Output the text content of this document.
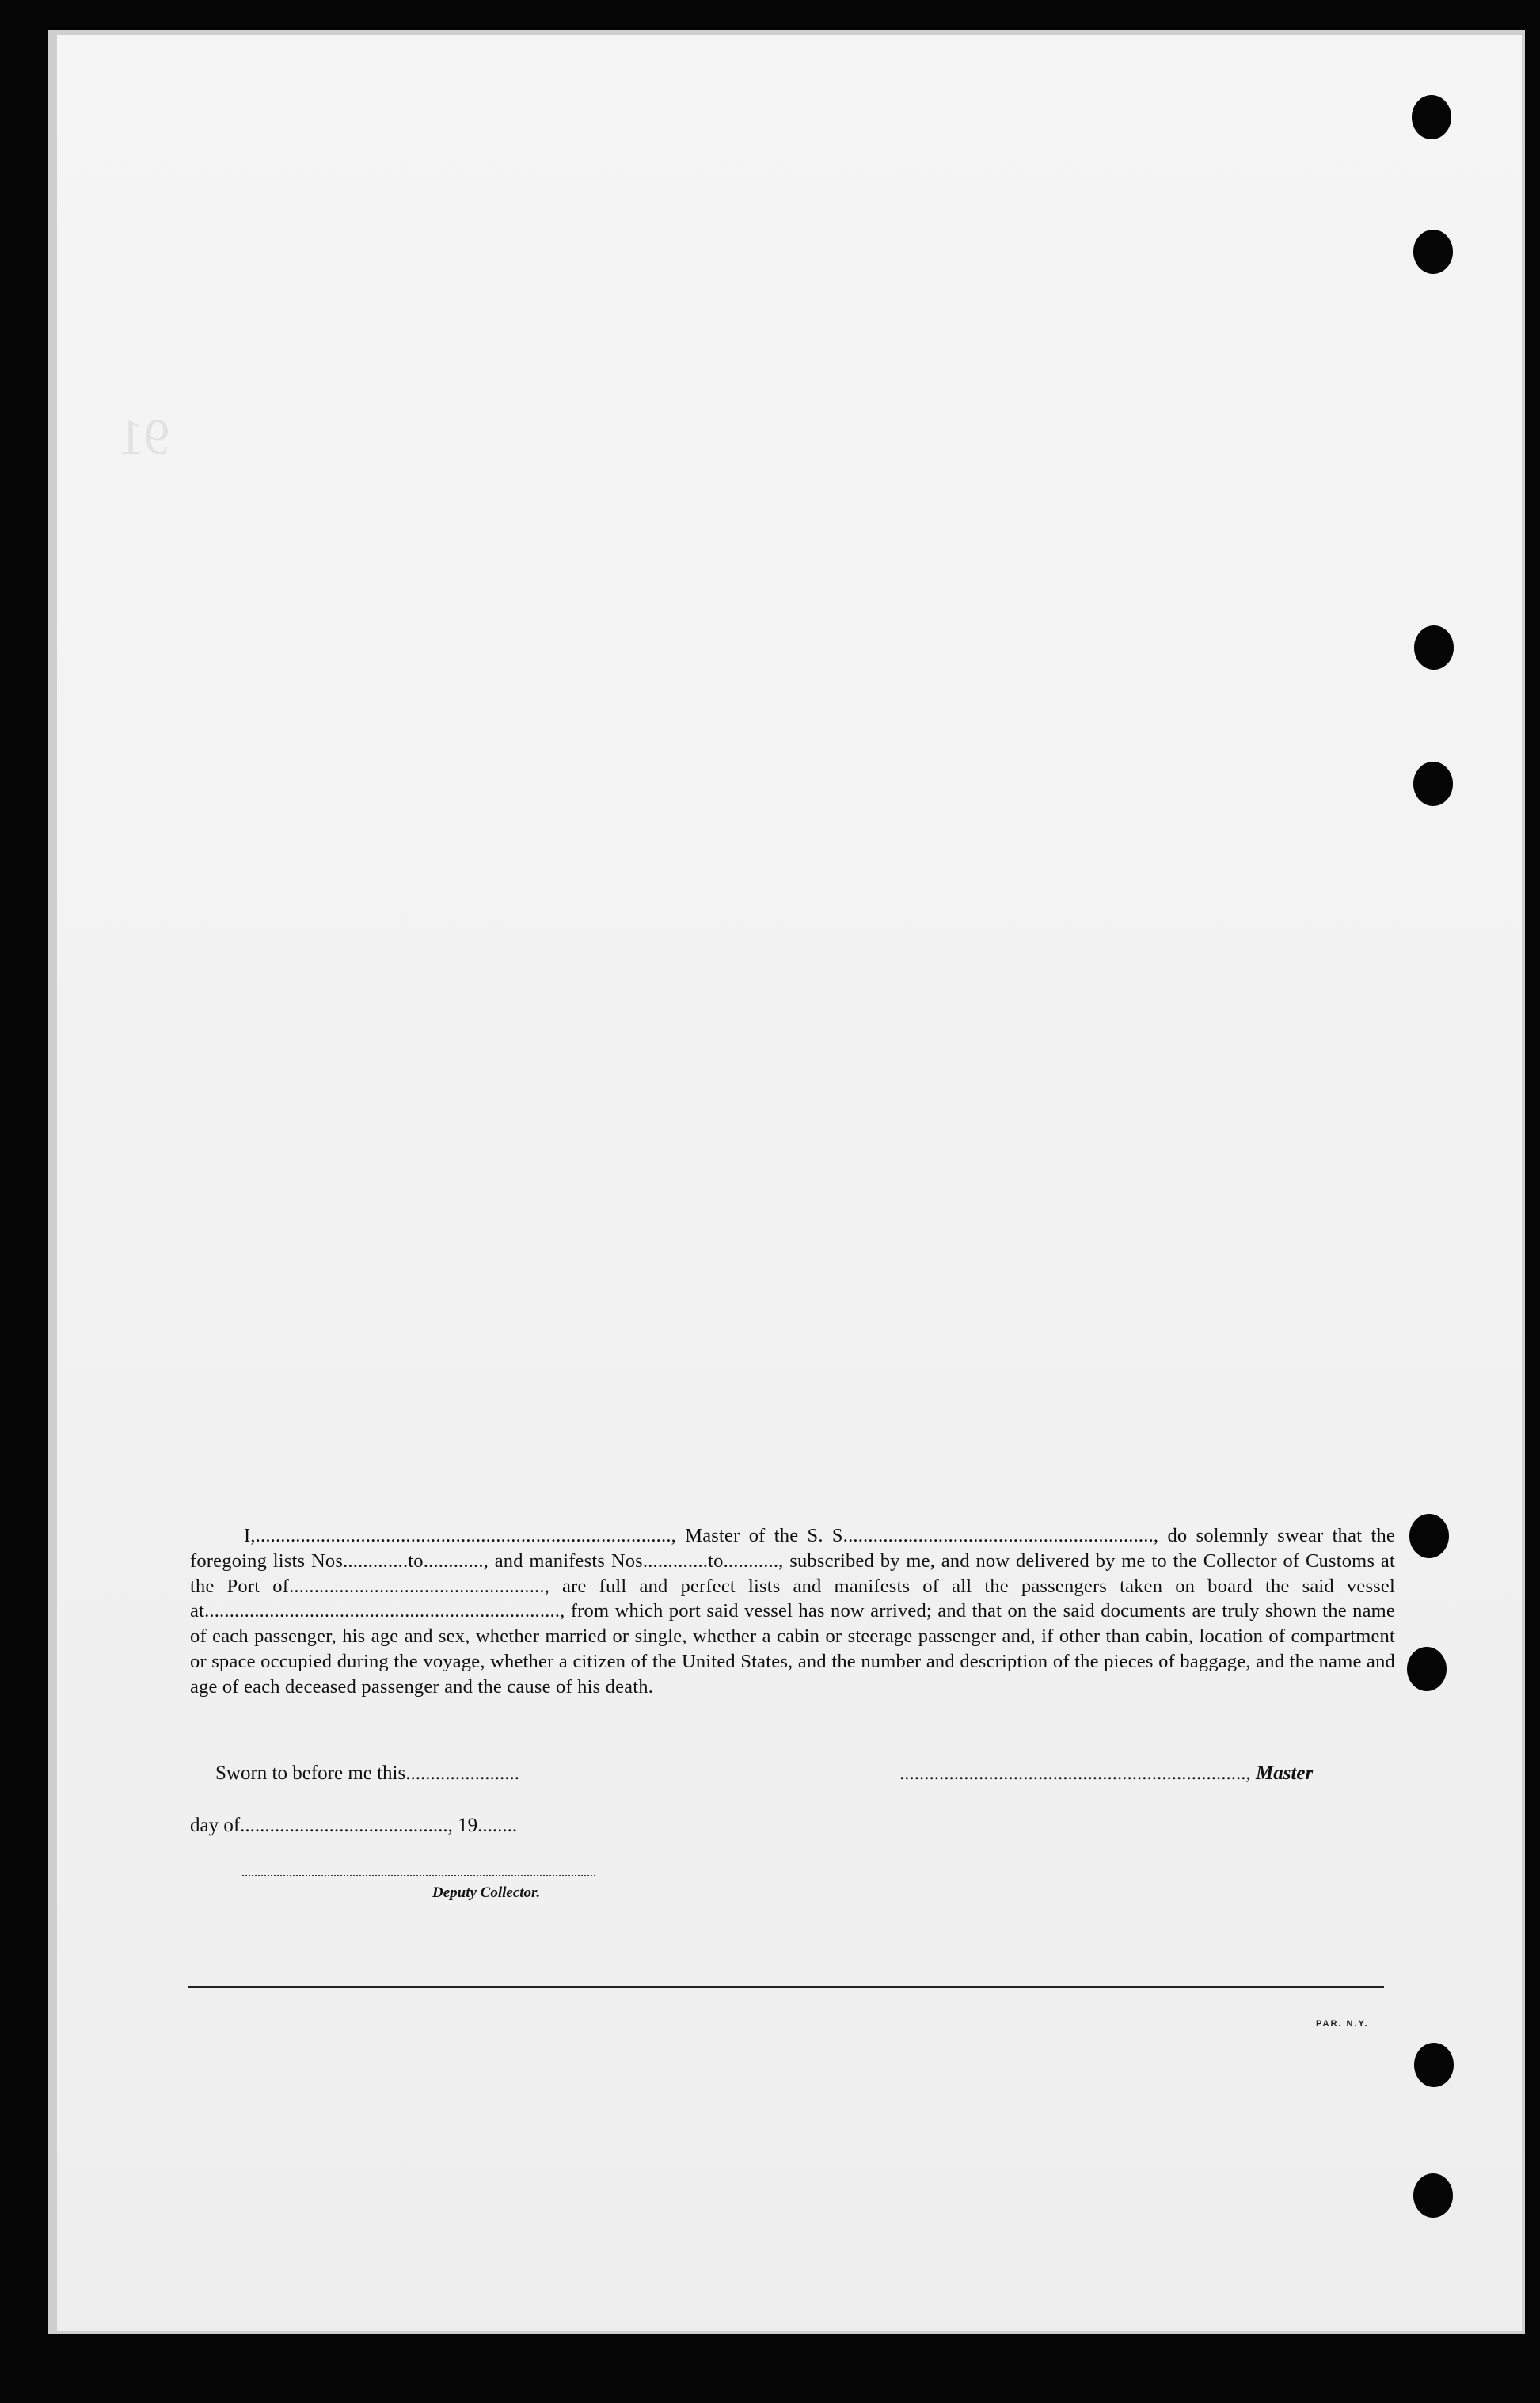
91
I,..................................................................................., Master of the S. S.............................................................., do solemnly swear that the foregoing lists Nos.............to............, and manifests Nos.............to..........., subscribed by me, and now delivered by me to the Collector of Customs at the Port of..................................................., are full and perfect lists and manifests of all the passengers taken on board the said vessel at......................................................................., from which port said vessel has now arrived; and that on the said documents are truly shown the name of each passenger, his age and sex, whether married or single, whether a cabin or steerage passenger and, if other than cabin, location of compartment or space occupied during the voyage, whether a citizen of the United States, and the number and description of the pieces of baggage, and the name and age of each deceased passenger and the cause of his death.
Sworn to before me this.......................	......................................................................, Master
day of.........................................., 19........
Deputy Collector.
PAR. N.Y.
